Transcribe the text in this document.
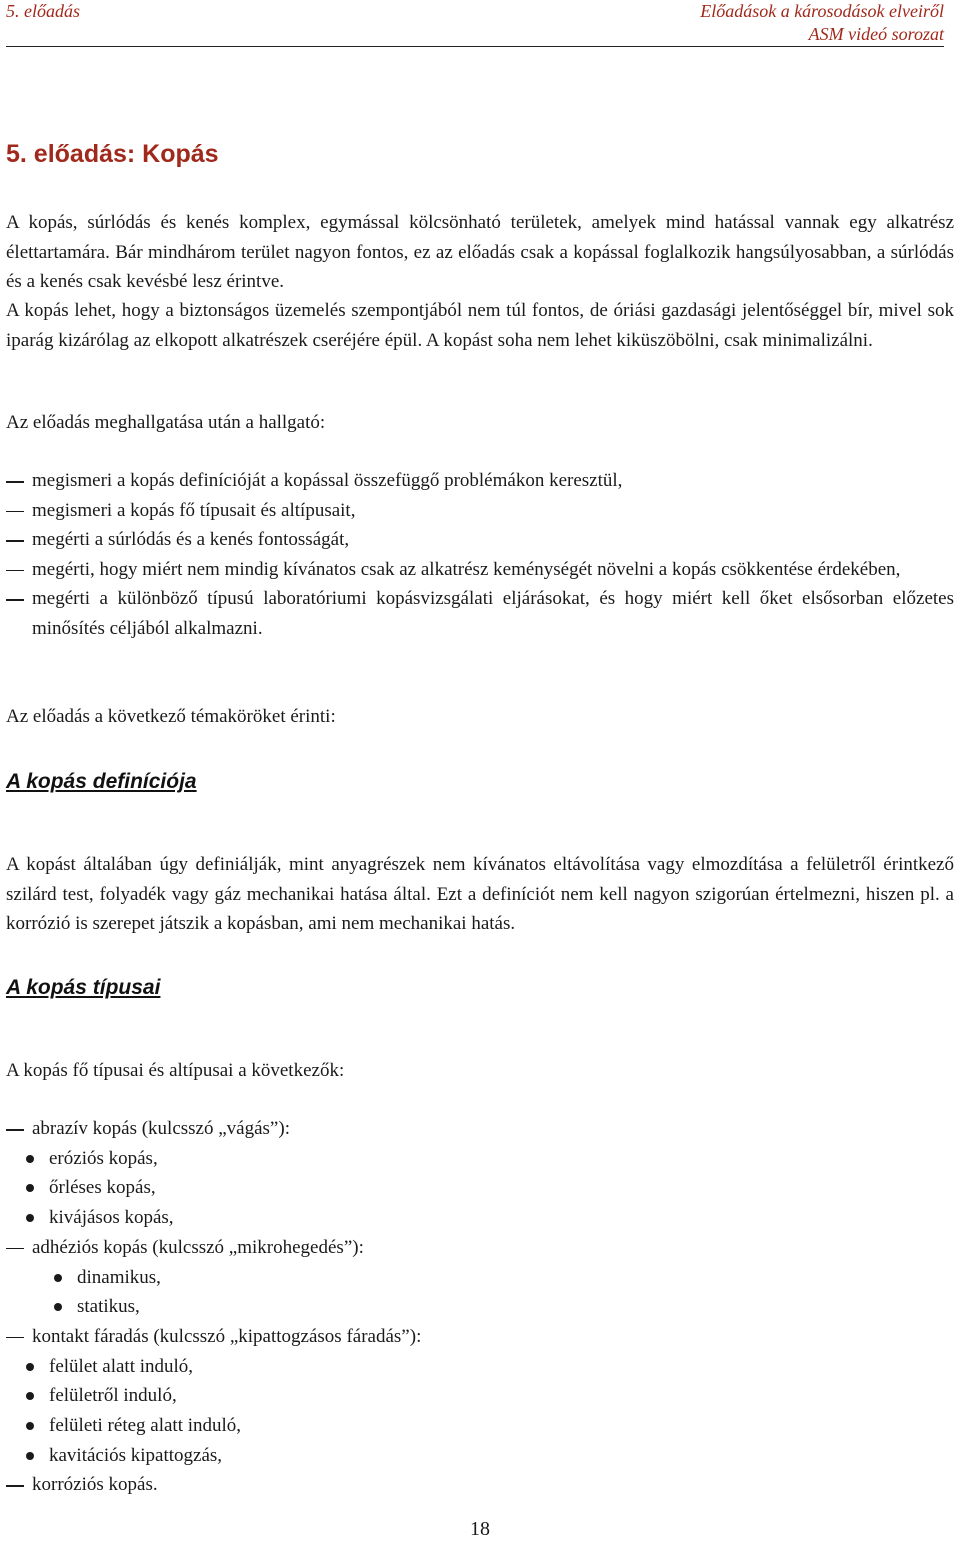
5. előadás	Előadások a károsodások elveiről
ASM videó sorozat
5. előadás: Kopás

A kopás, súrlódás és kenés komplex, egymással kölcsönható területek, amelyek mind hatással vannak egy alkatrész élettartamára. Bár mindhárom terület nagyon fontos, ez az előadás csak a kopással foglalkozik hangsúlyosabban, a súrlódás és a kenés csak kevésbé lesz érintve.

A kopás lehet, hogy a biztonságos üzemelés szempontjából nem túl fontos, de óriási gazdasági jelentőséggel bír, mivel sok iparág kizárólag az elkopott alkatrészek cseréjére épül. A kopást soha nem lehet kiküszöbölni, csak minimalizálni.

Az előadás meghallgatása után a hallgató:

megismeri a kopás definícióját a kopással összefüggő problémákon keresztül,
megismeri a kopás fő típusait és altípusait,
megérti a súrlódás és a kenés fontosságát,
megérti, hogy miért nem mindig kívánatos csak az alkatrész keménységét növelni a kopás csökkentése érdekében,
megérti a különböző típusú laboratóriumi kopásvizsgálati eljárásokat, és hogy miért kell őket elsősorban előzetes minősítés céljából alkalmazni.

Az előadás a következő témaköröket érinti:

A kopás definíciója

A kopást általában úgy definiálják, mint anyagrészek nem kívánatos eltávolítása vagy elmozdítása a felületről érintkező szilárd test, folyadék vagy gáz mechanikai hatása által. Ezt a definíciót nem kell nagyon szigorúan értelmezni, hiszen pl. a korrózió is szerepet játszik a kopásban, ami nem mechanikai hatás.

A kopás típusai

A kopás fő típusai és altípusai a következők:

abrazív kopás (kulcsszó „vágás”):
eróziós kopás,
őrléses kopás,
kivájásos kopás,
adhéziós kopás (kulcsszó „mikrohegedés”):
dinamikus,
statikus,
kontakt fáradás (kulcsszó „kipattogzásos fáradás”):
felület alatt induló,
felületről induló,
felületi réteg alatt induló,
kavitációs kipattogzás,
korróziós kopás.
18
